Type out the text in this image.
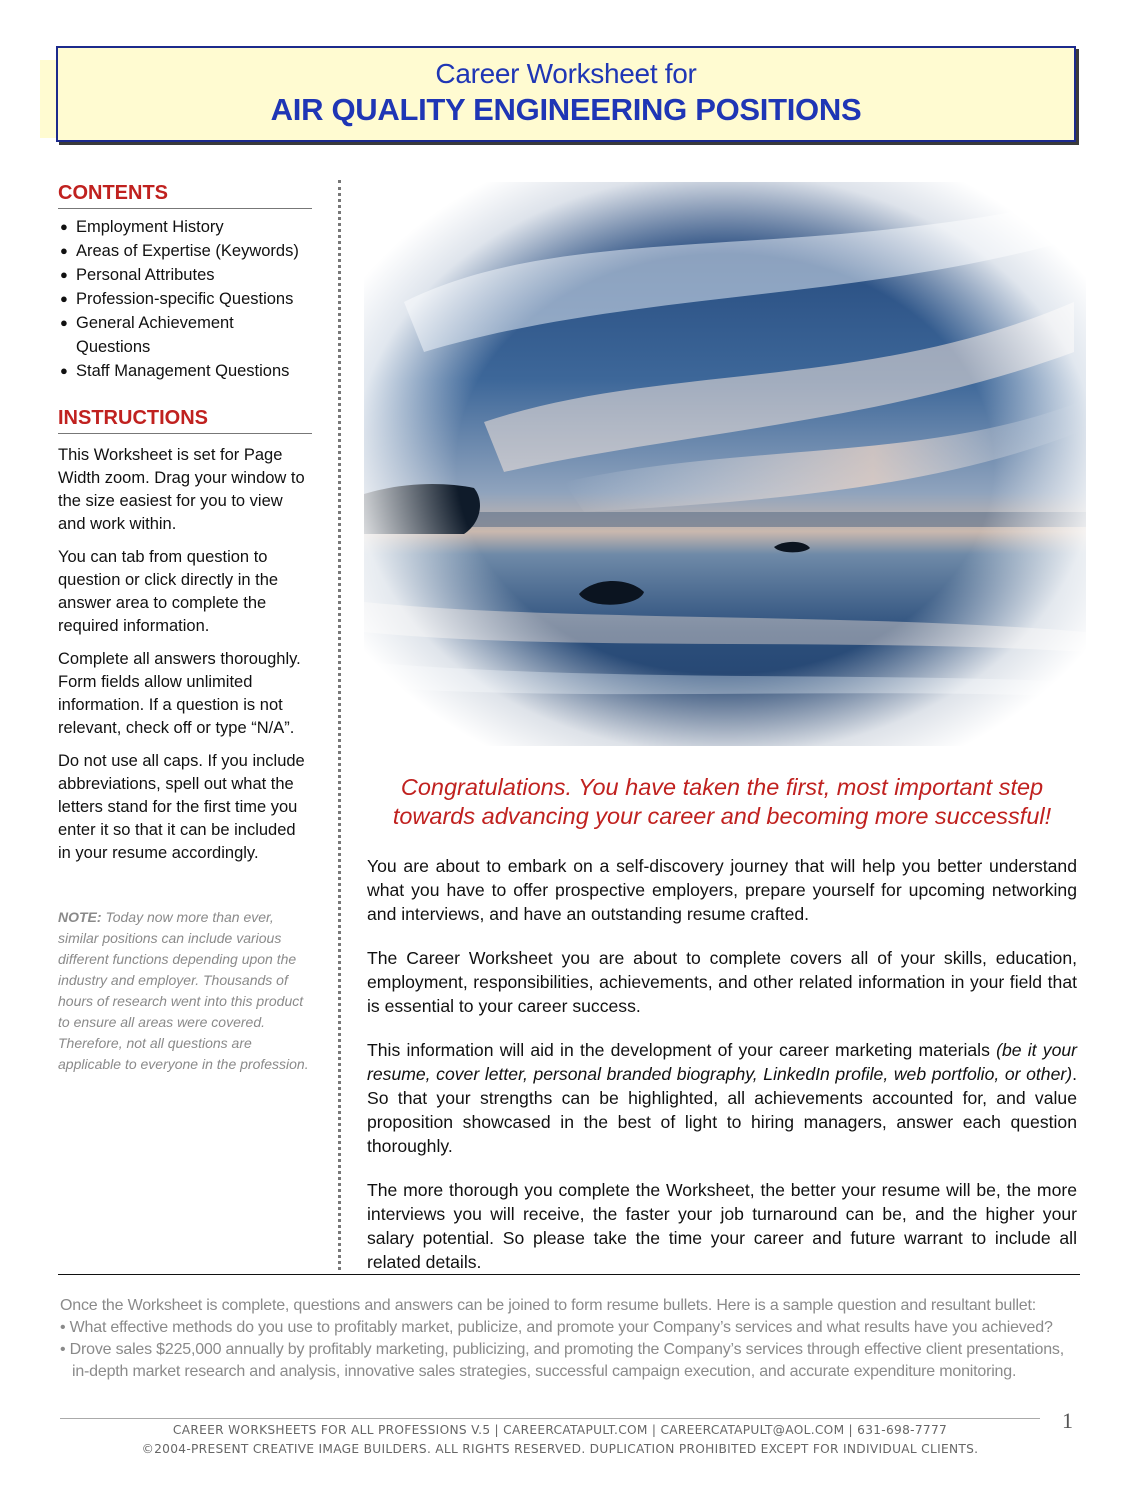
Career Worksheet for
AIR QUALITY ENGINEERING POSITIONS
CONTENTS
● Employment History
● Areas of Expertise (Keywords)
● Personal Attributes
● Profession-specific Questions
● General Achievement Questions
● Staff Management Questions
INSTRUCTIONS

This Worksheet is set for Page Width zoom. Drag your window to the size easiest for you to view and work within.

You can tab from question to question or click directly in the answer area to complete the required information.

Complete all answers thoroughly. Form fields allow unlimited information. If a question is not relevant, check off or type “N/A”.

Do not use all caps. If you include abbreviations, spell out what the letters stand for the first time you enter it so that it can be included in your resume accordingly.

NOTE: Today now more than ever, similar positions can include various different functions depending upon the industry and employer. Thousands of hours of research went into this product to ensure all areas were covered. Therefore, not all questions are applicable to everyone in the profession.
Congratulations. You have taken the first, most important step
towards advancing your career and becoming more successful!

You are about to embark on a self-discovery journey that will help you better understand what you have to offer prospective employers, prepare yourself for upcoming networking and interviews, and have an outstanding resume crafted.

The Career Worksheet you are about to complete covers all of your skills, education, employment, responsibilities, achievements, and other related information in your field that is essential to your career success.

This information will aid in the development of your career marketing materials (be it your resume, cover letter, personal branded biography, LinkedIn profile, web portfolio, or other). So that your strengths can be highlighted, all achievements accounted for, and value proposition showcased in the best of light to hiring managers, answer each question thoroughly.

The more thorough you complete the Worksheet, the better your resume will be, the more interviews you will receive, the faster your job turnaround can be, and the higher your salary potential. So please take the time your career and future warrant to include all related details.

Once the Worksheet is complete, questions and answers can be joined to form resume bullets. Here is a sample question and resultant bullet:
• What effective methods do you use to profitably market, publicize, and promote your Company’s services and what results have you achieved?
• Drove sales $225,000 annually by profitably marketing, publicizing, and promoting the Company’s services through effective client presentations,
in-depth market research and analysis, innovative sales strategies, successful campaign execution, and accurate expenditure monitoring.
CAREER WORKSHEETS FOR ALL PROFESSIONS V.5 | CAREERCATAPULT.COM | CAREERCATAPULT@AOL.COM | 631-698-7777
©2004-PRESENT CREATIVE IMAGE BUILDERS. ALL RIGHTS RESERVED. DUPLICATION PROHIBITED EXCEPT FOR INDIVIDUAL CLIENTS.
1
